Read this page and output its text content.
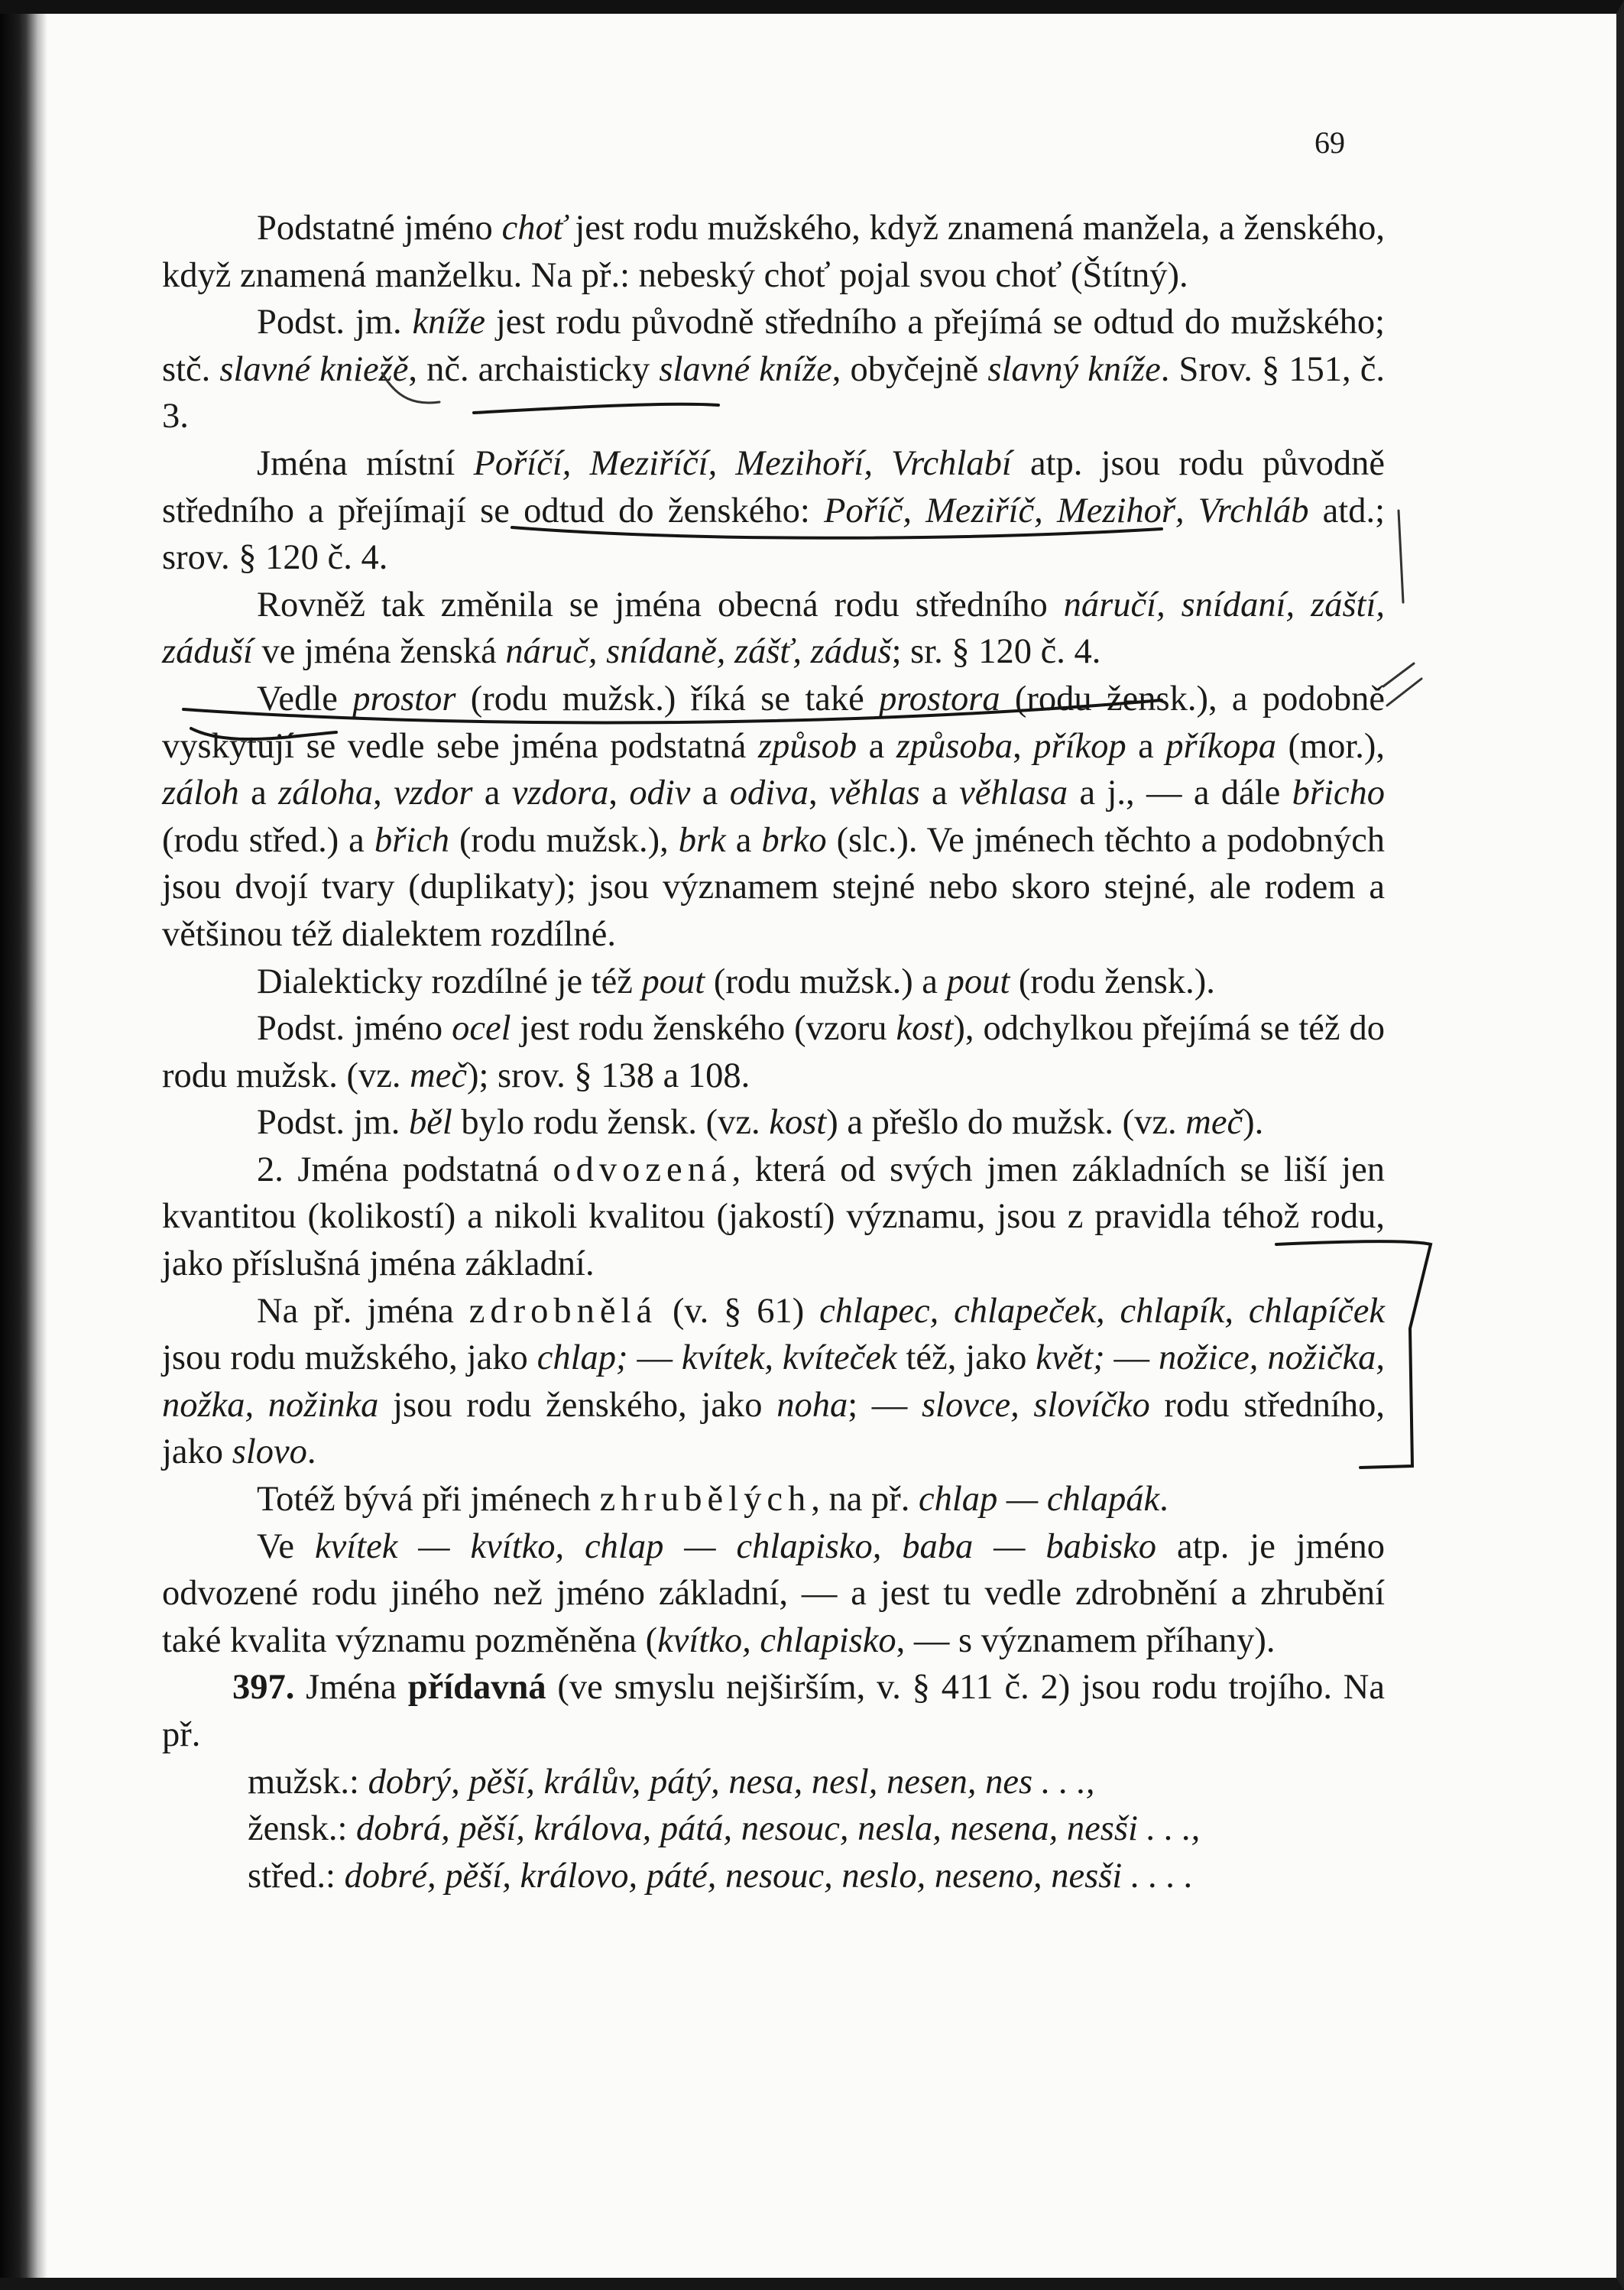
69

Podstatné jméno choť jest rodu mužského, když znamená manžela, a ženského, když znamená manželku. Na př.: nebeský choť pojal svou choť (Štítný).

Podst. jm. kníže jest rodu původně středního a přejímá se odtud do mužského; stč. slavné kniežě, nč. archaisticky slavné kníže, obyčejně slavný kníže. Srov. § 151, č. 3.

Jména místní Poříčí, Meziříčí, Mezihoří, Vrchlabí atp. jsou rodu původně středního a přejímají se odtud do ženského: Poříč, Meziříč, Mezihoř, Vrchláb atd.; srov. § 120 č. 4.

Rovněž tak změnila se jména obecná rodu středního náručí, snídaní, záští, záduší ve jména ženská náruč, snídaně, zášť, záduš; sr. § 120 č. 4.

Vedle prostor (rodu mužsk.) říká se také prostora (rodu žensk.), a podobně vyskytují se vedle sebe jména podstatná způsob a způsoba, příkop a příkopa (mor.), záloh a záloha, vzdor a vzdora, odiv a odiva, věhlas a věhlasa a j., — a dále břicho (rodu střed.) a břich (rodu mužsk.), brk a brko (slc.). Ve jménech těchto a podobných jsou dvojí tvary (duplikaty); jsou významem stejné nebo skoro stejné, ale rodem a většinou též dialektem rozdílné.

Dialekticky rozdílné je též pout (rodu mužsk.) a pout (rodu žensk.).

Podst. jméno ocel jest rodu ženského (vzoru kost), odchylkou přejímá se též do rodu mužsk. (vz. meč); srov. § 138 a 108.

Podst. jm. běl bylo rodu žensk. (vz. kost) a přešlo do mužsk. (vz. meč).

2. Jména podstatná odvozená, která od svých jmen základních se liší jen kvantitou (kolikostí) a nikoli kvalitou (jakostí) významu, jsou z pravidla téhož rodu, jako příslušná jména základní.

Na př. jména zdrobnělá (v. § 61) chlapec, chlapeček, chlapík, chlapíček jsou rodu mužského, jako chlap; — kvítek, kvíteček též, jako květ; — nožice, nožička, nožka, nožinka jsou rodu ženského, jako noha; — slovce, slovíčko rodu středního, jako slovo.

Totéž bývá při jménech zhrubělých, na př. chlap — chlapák.

Ve kvítek — kvítko, chlap — chlapisko, baba — babisko atp. je jméno odvozené rodu jiného než jméno základní, — a jest tu vedle zdrobnění a zhrubění také kvalita významu pozměněna (kvítko, chlapisko, — s významem příhany).

397. Jména přídavná (ve smyslu nejširším, v. § 411 č. 2) jsou rodu trojího. Na př.

mužsk.: dobrý, pěší, králův, pátý, nesa, nesl, nesen, nes . . .,
žensk.: dobrá, pěší, králova, pátá, nesouc, nesla, nesena, nesši . . .,
střed.: dobré, pěší, královo, páté, nesouc, neslo, neseno, nesši . . . .
